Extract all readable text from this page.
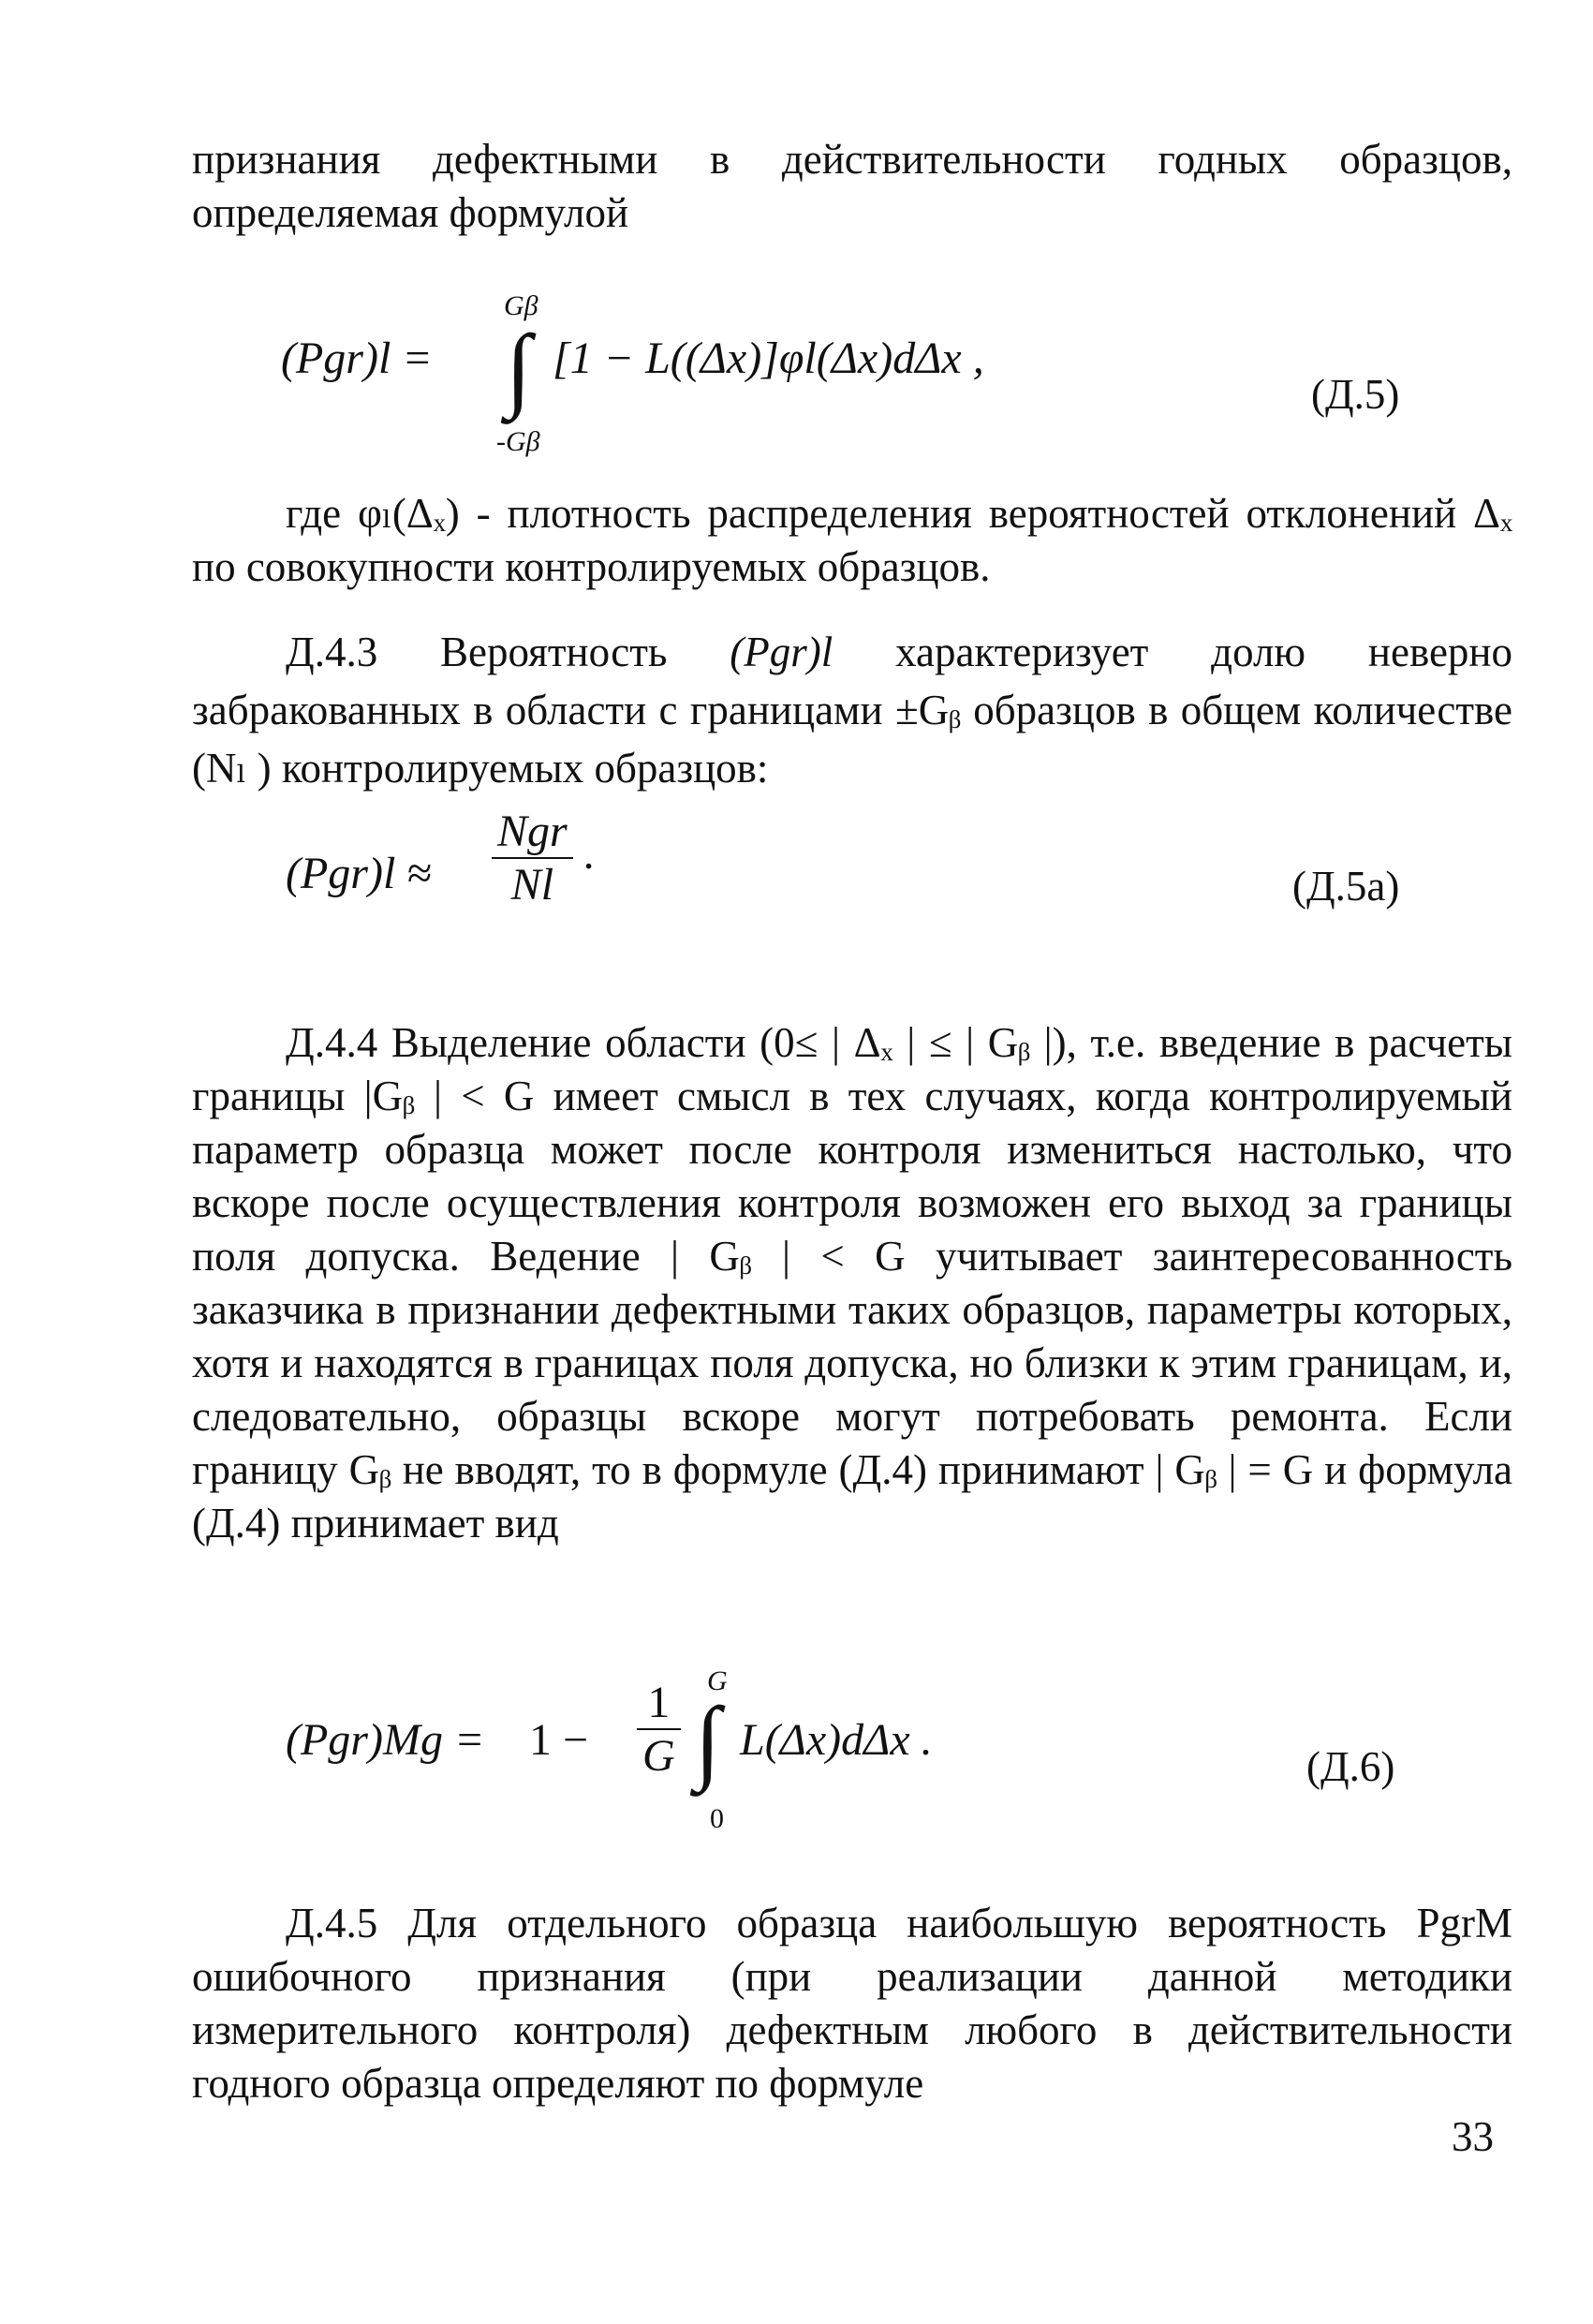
признания дефектными в действительности годных образцов, определяемая формулой
(Pgr)l =
Gβ
∫
-Gβ
[1 − L((Δx)]φl(Δx)dΔx ,
(Д.5)
где φₗ(Δₓ) - плотность распределения вероятностей отклонений Δₓ по совокупности контролируемых образцов.
Д.4.3 Вероятность (Pgr)l характеризует долю неверно забракованных в области с границами ±Gᵦ образцов в общем количестве (Nₗ ) контролируемых образцов:
$(Pgr)l \approx \frac{\text{Ngr}}{Nl}$ .
(Д.5а)
Д.4.4 Выделение области (0≤ | Δₓ | ≤ | Gᵦ |), т.е. введение в расчеты границы |Gᵦ | < G имеет смысл в тех случаях, когда контролируемый параметр образца может после контроля измениться настолько, что вскоре после осуществления контроля возможен его выход за границы поля допуска. Ведение | Gᵦ | < G учитывает заинтересованность заказчика в признании дефектными таких образцов, параметры которых, хотя и находятся в границах поля допуска, но близки к этим границам, и, следовательно, образцы вскоре могут потребовать ремонта. Если границу Gᵦ не вводят, то в формуле (Д.4) принимают | Gᵦ | = G и формула (Д.4) принимает вид
$(Pgr)Mg = 1 - \frac{1}{G}$ G
∫
0
L(Δx)dΔx .
(Д.6)
Д.4.5 Для отдельного образца наибольшую вероятность PgrM ошибочного признания (при реализации данной методики измерительного контроля) дефектным любого в действительности годного образца определяют по формуле
33
